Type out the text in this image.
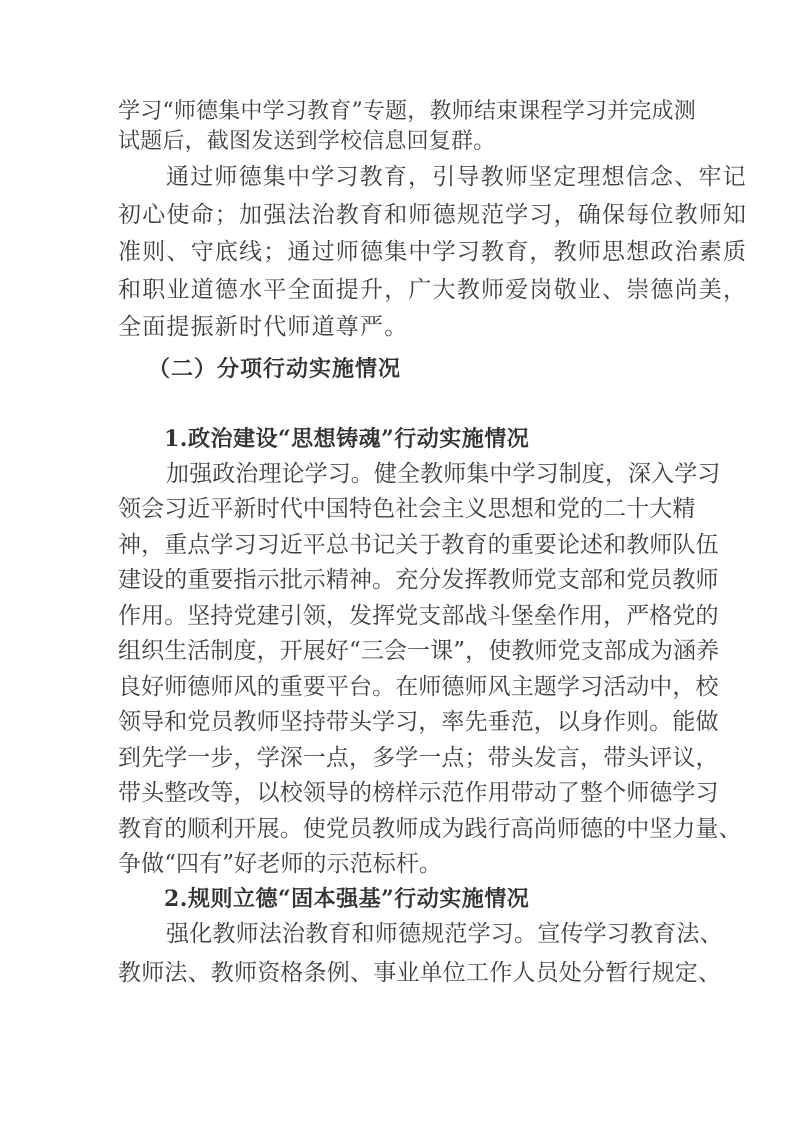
学习“师德集中学习教育”专题，教师结束课程学习并完成测
试题后，截图发送到学校信息回复群。
通过师德集中学习教育，引导教师坚定理想信念、牢记
初心使命；加强法治教育和师德规范学习，确保每位教师知
准则、守底线；通过师德集中学习教育，教师思想政治素质
和职业道德水平全面提升，广大教师爱岗敬业、崇德尚美，
全面提振新时代师道尊严。
（二）分项行动实施情况
1.政治建设“思想铸魂”行动实施情况
加强政治理论学习。健全教师集中学习制度，深入学习
领会习近平新时代中国特色社会主义思想和党的二十大精
神，重点学习习近平总书记关于教育的重要论述和教师队伍
建设的重要指示批示精神。充分发挥教师党支部和党员教师
作用。坚持党建引领，发挥党支部战斗堡垒作用，严格党的
组织生活制度，开展好“三会一课”，使教师党支部成为涵养
良好师德师风的重要平台。在师德师风主题学习活动中，校
领导和党员教师坚持带头学习，率先垂范，以身作则。能做
到先学一步，学深一点，多学一点；带头发言，带头评议，
带头整改等，以校领导的榜样示范作用带动了整个师德学习
教育的顺利开展。使党员教师成为践行高尚师德的中坚力量、
争做“四有”好老师的示范标杆。
2.规则立德“固本强基”行动实施情况
强化教师法治教育和师德规范学习。宣传学习教育法、
教师法、教师资格条例、事业单位工作人员处分暂行规定、
